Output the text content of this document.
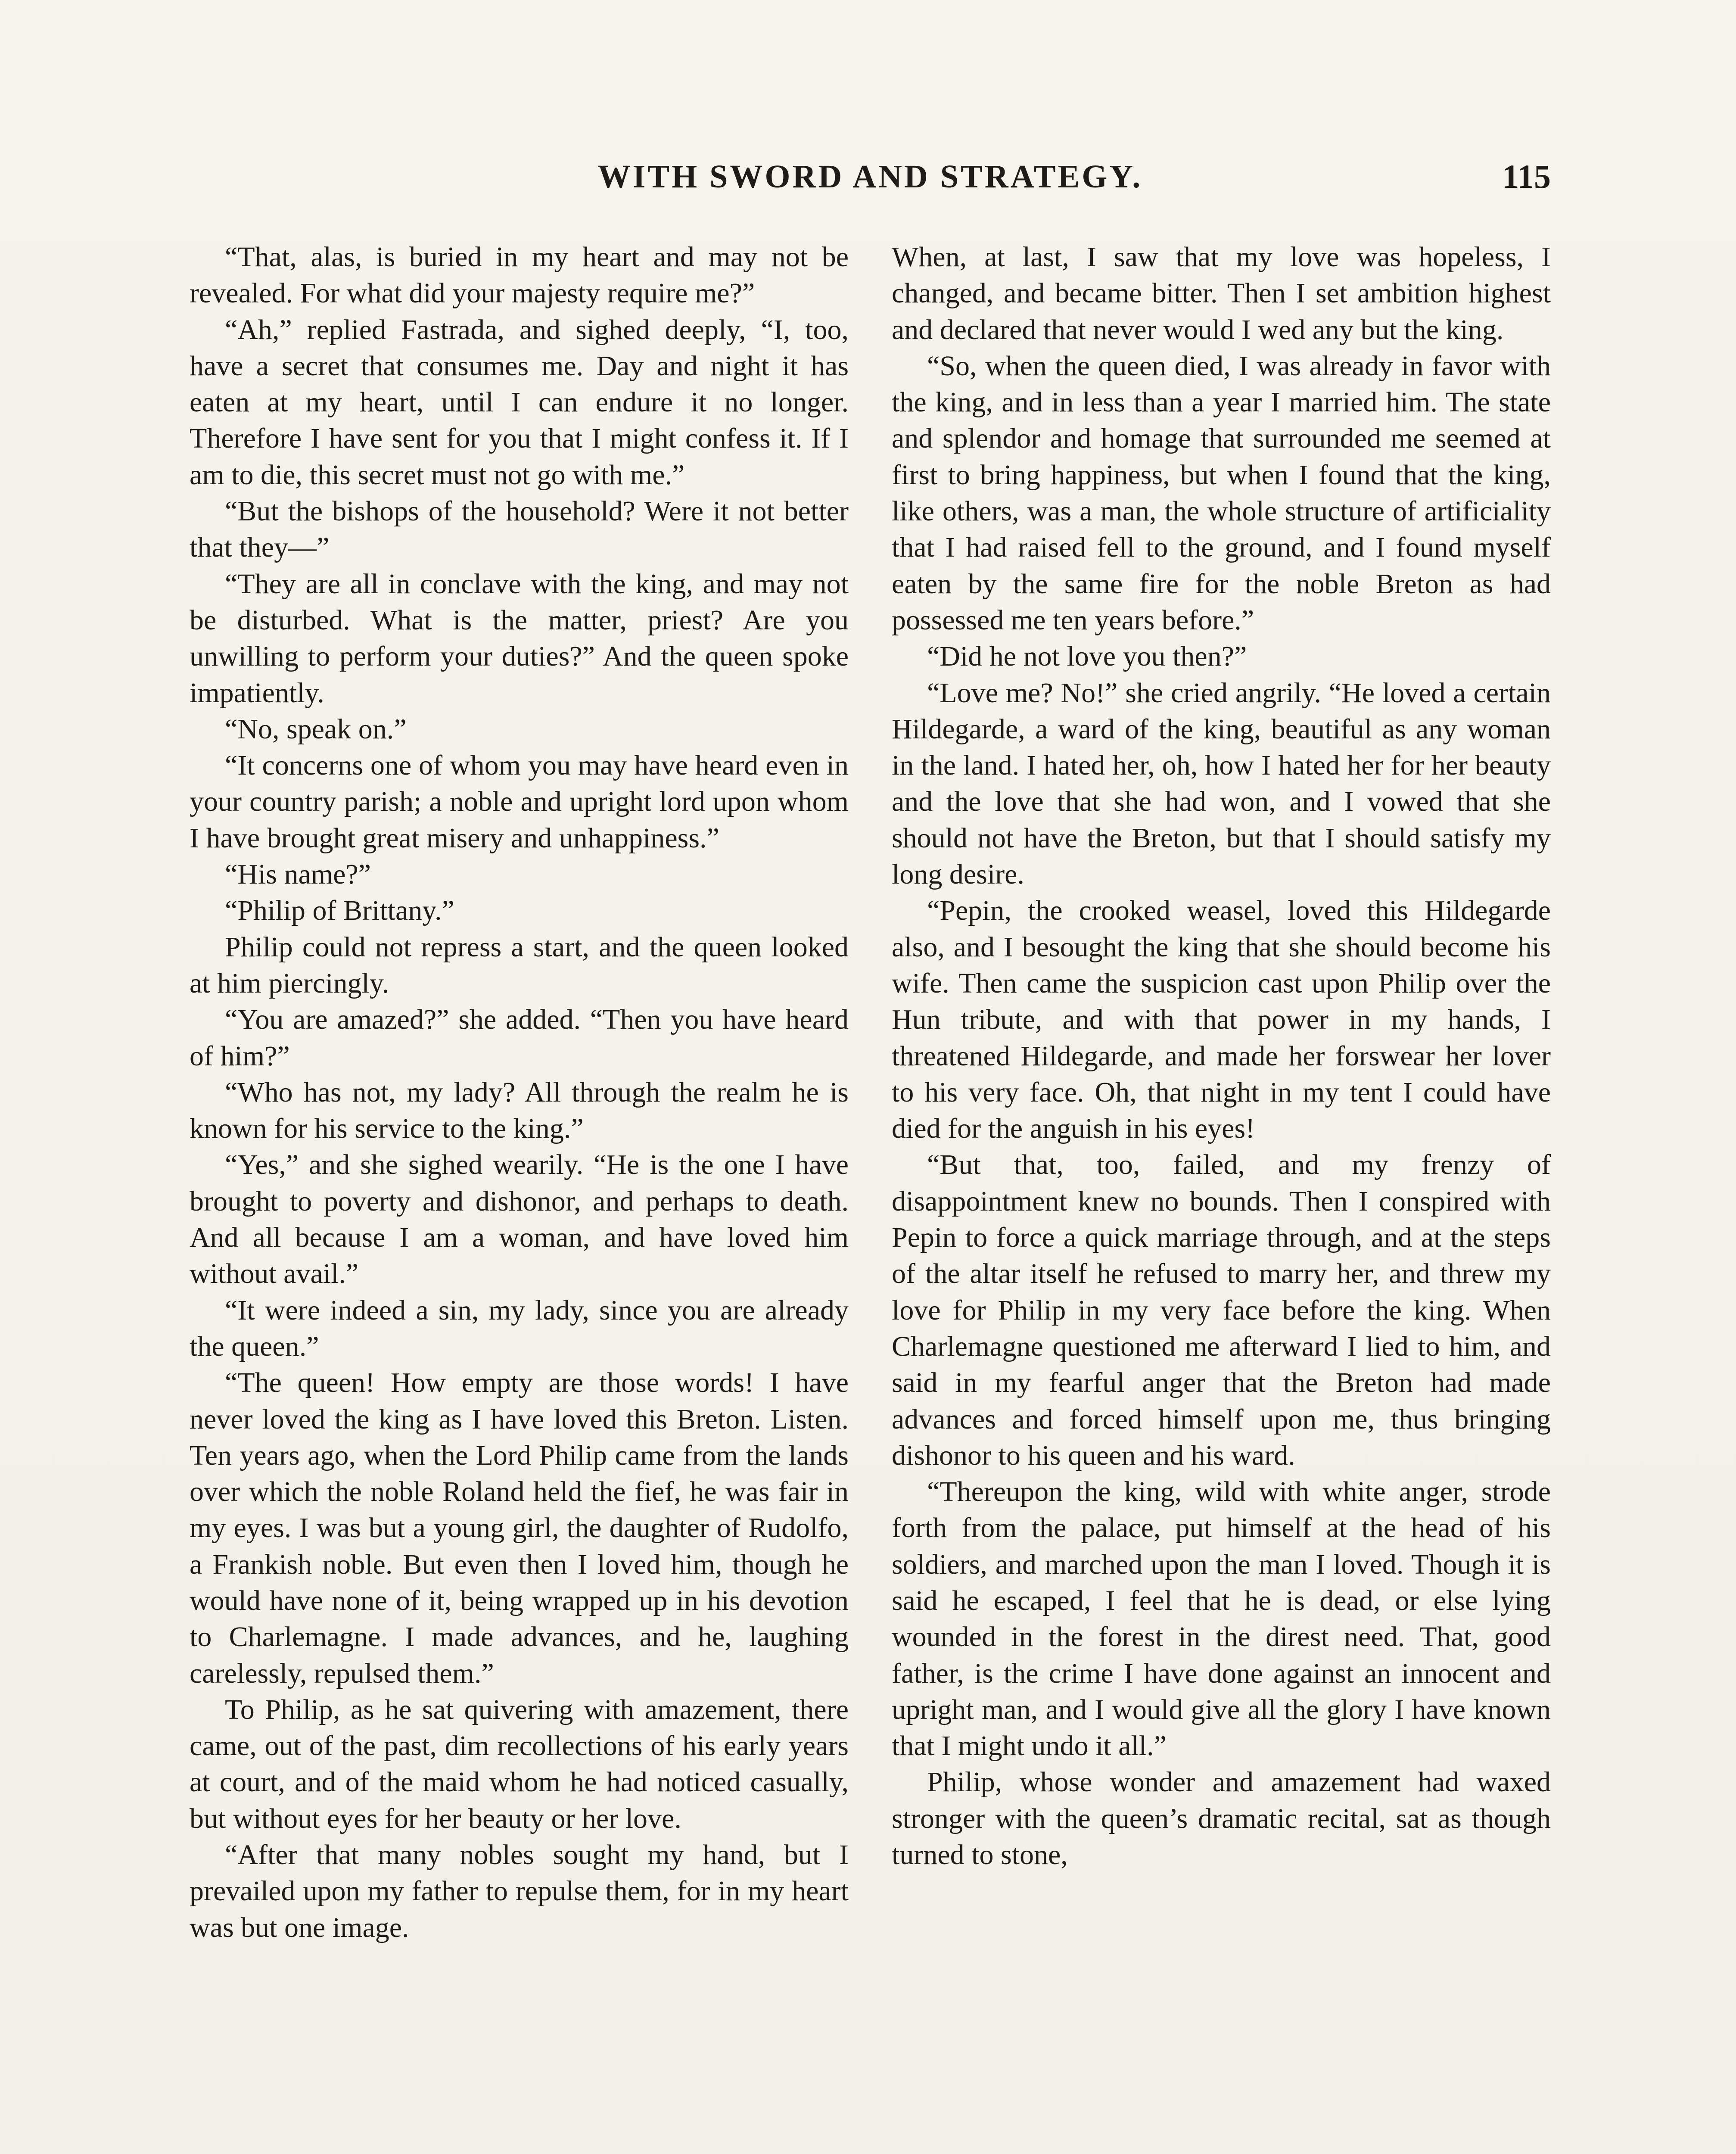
WITH SWORD AND STRATEGY.	115

“That, alas, is buried in my heart and may not be revealed. For what did your majesty require me?”

“Ah,” replied Fastrada, and sighed deeply, “I, too, have a secret that consumes me. Day and night it has eaten at my heart, until I can endure it no longer. Therefore I have sent for you that I might confess it. If I am to die, this secret must not go with me.”

“But the bishops of the household? Were it not better that they—”

“They are all in conclave with the king, and may not be disturbed. What is the matter, priest? Are you unwilling to perform your duties?” And the queen spoke impatiently.

“No, speak on.”

“It concerns one of whom you may have heard even in your country parish; a noble and upright lord upon whom I have brought great misery and unhappiness.”

“His name?”

“Philip of Brittany.”

Philip could not repress a start, and the queen looked at him piercingly.

“You are amazed?” she added. “Then you have heard of him?”

“Who has not, my lady? All through the realm he is known for his service to the king.”

“Yes,” and she sighed wearily. “He is the one I have brought to poverty and dishonor, and perhaps to death. And all because I am a woman, and have loved him without avail.”

“It were indeed a sin, my lady, since you are already the queen.”

“The queen! How empty are those words! I have never loved the king as I have loved this Breton. Listen. Ten years ago, when the Lord Philip came from the lands over which the noble Roland held the fief, he was fair in my eyes. I was but a young girl, the daughter of Rudolfo, a Frankish noble. But even then I loved him, though he would have none of it, being wrapped up in his devotion to Charlemagne. I made advances, and he, laughing carelessly, repulsed them.”

To Philip, as he sat quivering with amazement, there came, out of the past, dim recollections of his early years at court, and of the maid whom he had noticed casually, but without eyes for her beauty or her love.

“After that many nobles sought my hand, but I prevailed upon my father to repulse them, for in my heart was but one image.

When, at last, I saw that my love was hopeless, I changed, and became bitter. Then I set ambition highest and declared that never would I wed any but the king.

“So, when the queen died, I was already in favor with the king, and in less than a year I married him. The state and splendor and homage that surrounded me seemed at first to bring happiness, but when I found that the king, like others, was a man, the whole structure of artificiality that I had raised fell to the ground, and I found myself eaten by the same fire for the noble Breton as had possessed me ten years before.”

“Did he not love you then?”

“Love me? No!” she cried angrily. “He loved a certain Hildegarde, a ward of the king, beautiful as any woman in the land. I hated her, oh, how I hated her for her beauty and the love that she had won, and I vowed that she should not have the Breton, but that I should satisfy my long desire.

“Pepin, the crooked weasel, loved this Hildegarde also, and I besought the king that she should become his wife. Then came the suspicion cast upon Philip over the Hun tribute, and with that power in my hands, I threatened Hildegarde, and made her forswear her lover to his very face. Oh, that night in my tent I could have died for the anguish in his eyes!

“But that, too, failed, and my frenzy of disappointment knew no bounds. Then I conspired with Pepin to force a quick marriage through, and at the steps of the altar itself he refused to marry her, and threw my love for Philip in my very face before the king. When Charlemagne questioned me afterward I lied to him, and said in my fearful anger that the Breton had made advances and forced himself upon me, thus bringing dishonor to his queen and his ward.

“Thereupon the king, wild with white anger, strode forth from the palace, put himself at the head of his soldiers, and marched upon the man I loved. Though it is said he escaped, I feel that he is dead, or else lying wounded in the forest in the direst need. That, good father, is the crime I have done against an innocent and upright man, and I would give all the glory I have known that I might undo it all.”

Philip, whose wonder and amazement had waxed stronger with the queen’s dramatic recital, sat as though turned to stone,
